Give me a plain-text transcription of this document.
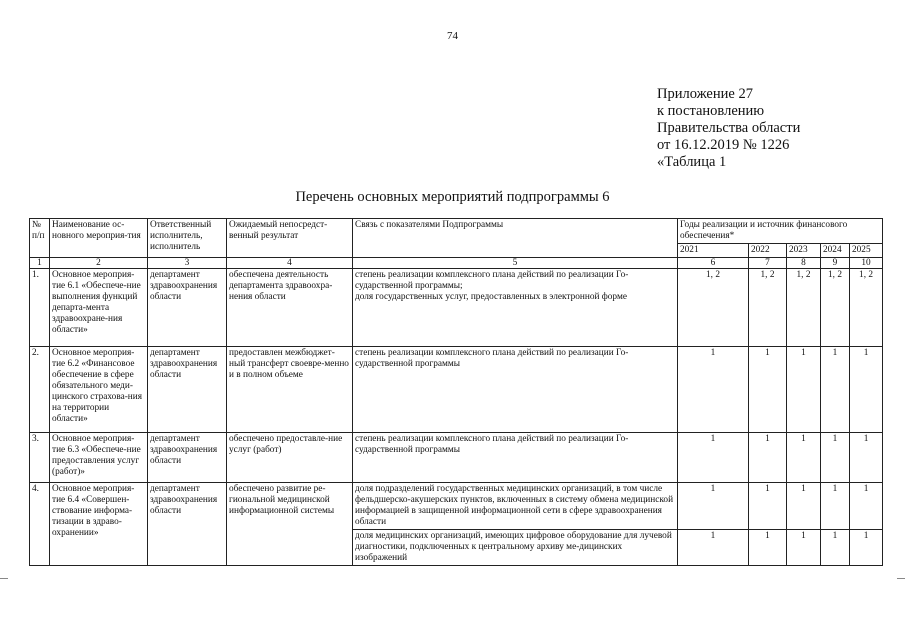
74
Приложение 27
к постановлению
Правительства области
от 16.12.2019 № 1226
«Таблица 1
Перечень основных мероприятий подпрограммы 6
№ п/п	Наименование ос-новного мероприя-тия	Ответственный исполнитель, исполнитель	Ожидаемый непосредст-венный результат	Связь с показателями Подпрограммы	Годы реализации и источник финансового обеспечения*				
					2021	2022	2023	2024	2025
1	2	3	4	5	6	7	8	9	10
1.	Основное мероприя-тие 6.1 «Обеспече-ние выполнения функций департа-мента здравоохране-ния области»	департамент здравоохранения области	обеспечена деятельность департамента здравоохра-нения области	степень реализации комплексного плана действий по реализации Го-сударственной программы;
доля государственных услуг, предоставленных в электронной форме	1, 2	1, 2	1, 2	1, 2	1, 2
2.	Основное мероприя-тие 6.2 «Финансовое обеспечение в сфере обязательного меди-цинского страхова-ния на территории области»	департамент здравоохранения области	предоставлен межбюджет-ный трансферт своевре-менно и в полном объеме	степень реализации комплексного плана действий по реализации Го-сударственной программы	1	1	1	1	1
3.	Основное мероприя-тие 6.3 «Обеспече-ние предоставления услуг (работ)»	департамент здравоохранения области	обеспечено предоставле-ние услуг (работ)	степень реализации комплексного плана действий по реализации Го-сударственной программы	1	1	1	1	1
4.	Основное мероприя-тие 6.4 «Совершен-ствование информа-тизации в здраво-охранении»	департамент здравоохранения области	обеспечено развитие ре-гиональной медицинской информационной системы	доля подразделений государственных медицинских организаций, в том числе фельдшерско-акушерских пунктов, включенных в систему обмена медицинской информацией в защищенной информационной сети в сфере здравоохранения области	1	1	1	1	1
				доля медицинских организаций, имеющих цифровое оборудование для лучевой диагностики, подключенных к центральному архиву ме-дицинских изображений	1	1	1	1	1
